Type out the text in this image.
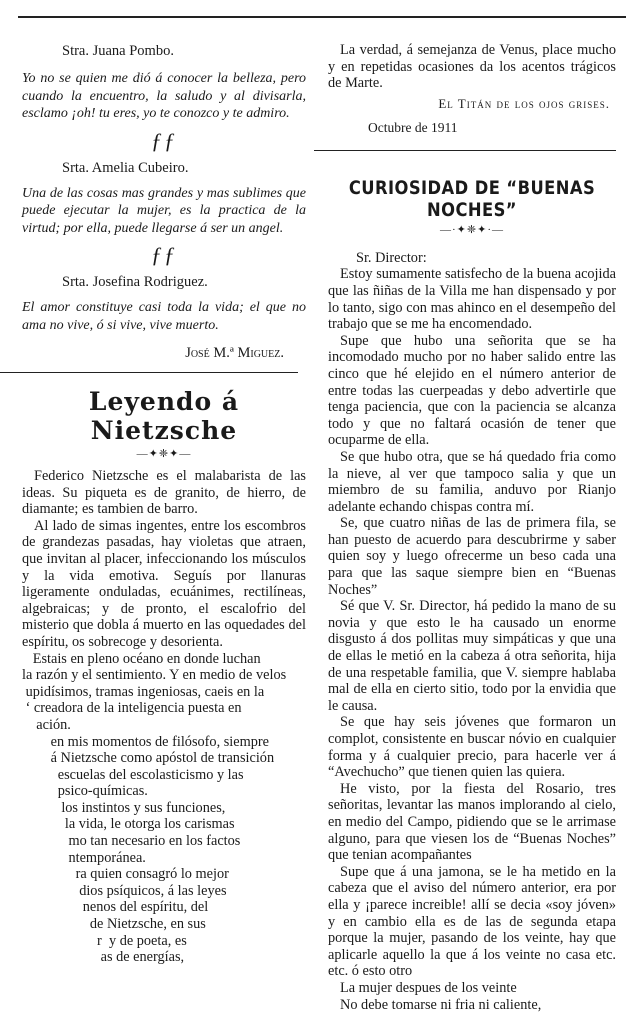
Stra. Juana Pombo.

Yo no se quien me dió á conocer la belleza, pero cuando la encuentro, la saludo y al divisarla, esclamo ¡oh! tu eres, yo te conozco y te admiro.

ƒƒ

Srta. Amelia Cubeiro.

Una de las cosas mas grandes y mas sublimes que puede ejecutar la mujer, es la practica de la virtud; por ella, puede llegarse á ser un angel.

ƒƒ

Srta. Josefina Rodriguez.

El amor constituye casi toda la vida; el que no ama no vive, ó si vive, vive muerto.

José M.ª Miguez.

Leyendo á Nietzsche
—✦❈✦—

Federico Nietzsche es el malabarista de las ideas. Su piqueta es de granito, de hierro, de diamante; es tambien de barro.

Al lado de simas ingentes, entre los escombros de grandezas pasadas, hay violetas que atraen, que invitan al placer, infeccionando los músculos y la vida emotiva. Seguís por llanuras ligeramente onduladas, ecuánimes, rectilíneas, algebraicas; y de pronto, el escalofrio del misterio que dobla á muerto en las oquedades del espíritu, os sobrecoge y desorienta.

Estais en pleno océano en donde luchan
la razón y el sentimiento. Y en medio de velos
upidísimos, tramas ingeniosas, caeis en la
‘ creadora de la inteligencia puesta en
ación.
en mis momentos de filósofo, siempre
á Nietzsche como apóstol de transición
escuelas del escolasticismo y las
psico-químicas.
los instintos y sus funciones,
la vida, le otorga los carismas
mo tan necesario en los factos
ntemporánea.
ra quien consagró lo mejor
dios psíquicos, á las leyes
nenos del espíritu, del
de Nietzsche, en sus
r  y de poeta, es
as de energías,

La verdad, á semejanza de Venus, place mucho y en repetidas ocasiones da los acentos trágicos de Marte.

El Titán de los ojos grises.

Octubre de 1911

CURIOSIDAD DE “BUENAS NOCHES”
—·✦❈✦·—

Sr. Director:

Estoy sumamente satisfecho de la buena acojida que las ñiñas de la Villa me han dispensado y por lo tanto, sigo con mas ahinco en el desempeño del trabajo que se me ha encomendado.

Supe que hubo una señorita que se ha incomodado mucho por no haber salido entre las cinco que hé elejido en el número anterior de entre todas las cuerpeadas y debo advertirle que tenga paciencia, que con la paciencia se alcanza todo y que no faltará ocasión de tener que ocuparme de ella.

Se que hubo otra, que se há quedado fria como la nieve, al ver que tampoco salia y que un miembro de su familia, anduvo por Rianjo adelante echando chispas contra mí.

Se, que cuatro niñas de las de primera fila, se han puesto de acuerdo para descubrirme y saber quien soy y luego ofrecerme un beso cada una para que las saque siempre bien en “Buenas Noches”

Sé que V. Sr. Director, há pedido la mano de su novia y que esto le ha causado un enorme disgusto á dos pollitas muy simpáticas y que una de ellas le metió en la cabeza á otra señorita, hija de una respetable familia, que V. siempre hablaba mal de ella en cierto sitio, todo por la envidia que le causa.

Se que hay seis jóvenes que formaron un complot, consistente en buscar nóvio en cualquier forma y á cualquier precio, para hacerle ver á “Avechucho” que tienen quien las quiera.

He visto, por la fiesta del Rosario, tres señoritas, levantar las manos implorando al cielo, en medio del Campo, pidiendo que se le arrimase alguno, para que viesen los de “Buenas Noches” que tenian acompañantes

Supe que á una jamona, se le ha metido en la cabeza que el aviso del número anterior, era por ella y ¡parece increible! allí se decia «soy jóven» y en cambio ella es de las de segunda etapa porque la mujer, pasando de los veinte, hay que aplicarle aquello la que á los veinte no casa etc. etc. ó esto otro

La mujer despues de los veinte

No debe tomarse ni fria ni caliente,
